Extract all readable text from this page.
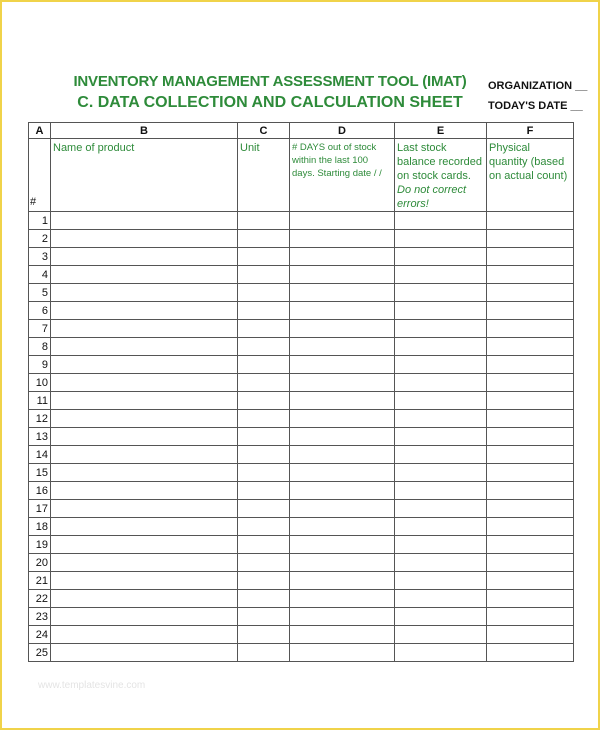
INVENTORY MANAGEMENT ASSESSMENT TOOL (IMAT)
C. DATA COLLECTION AND CALCULATION SHEET
ORGANIZATION __
TODAY'S DATE __
A	B	C	D	E	F
#	Name of product	Unit	# DAYS out of stock within the last 100 days. Starting date / /	Last stock balance recorded on stock cards. Do not correct errors!	Physical quantity (based on actual count)
1					
2					
3					
4					
5					
6					
7					
8					
9					
10					
11					
12					
13					
14					
15					
16					
17					
18					
19					
20					
21					
22					
23					
24					
25					
www.templatesvine.com
